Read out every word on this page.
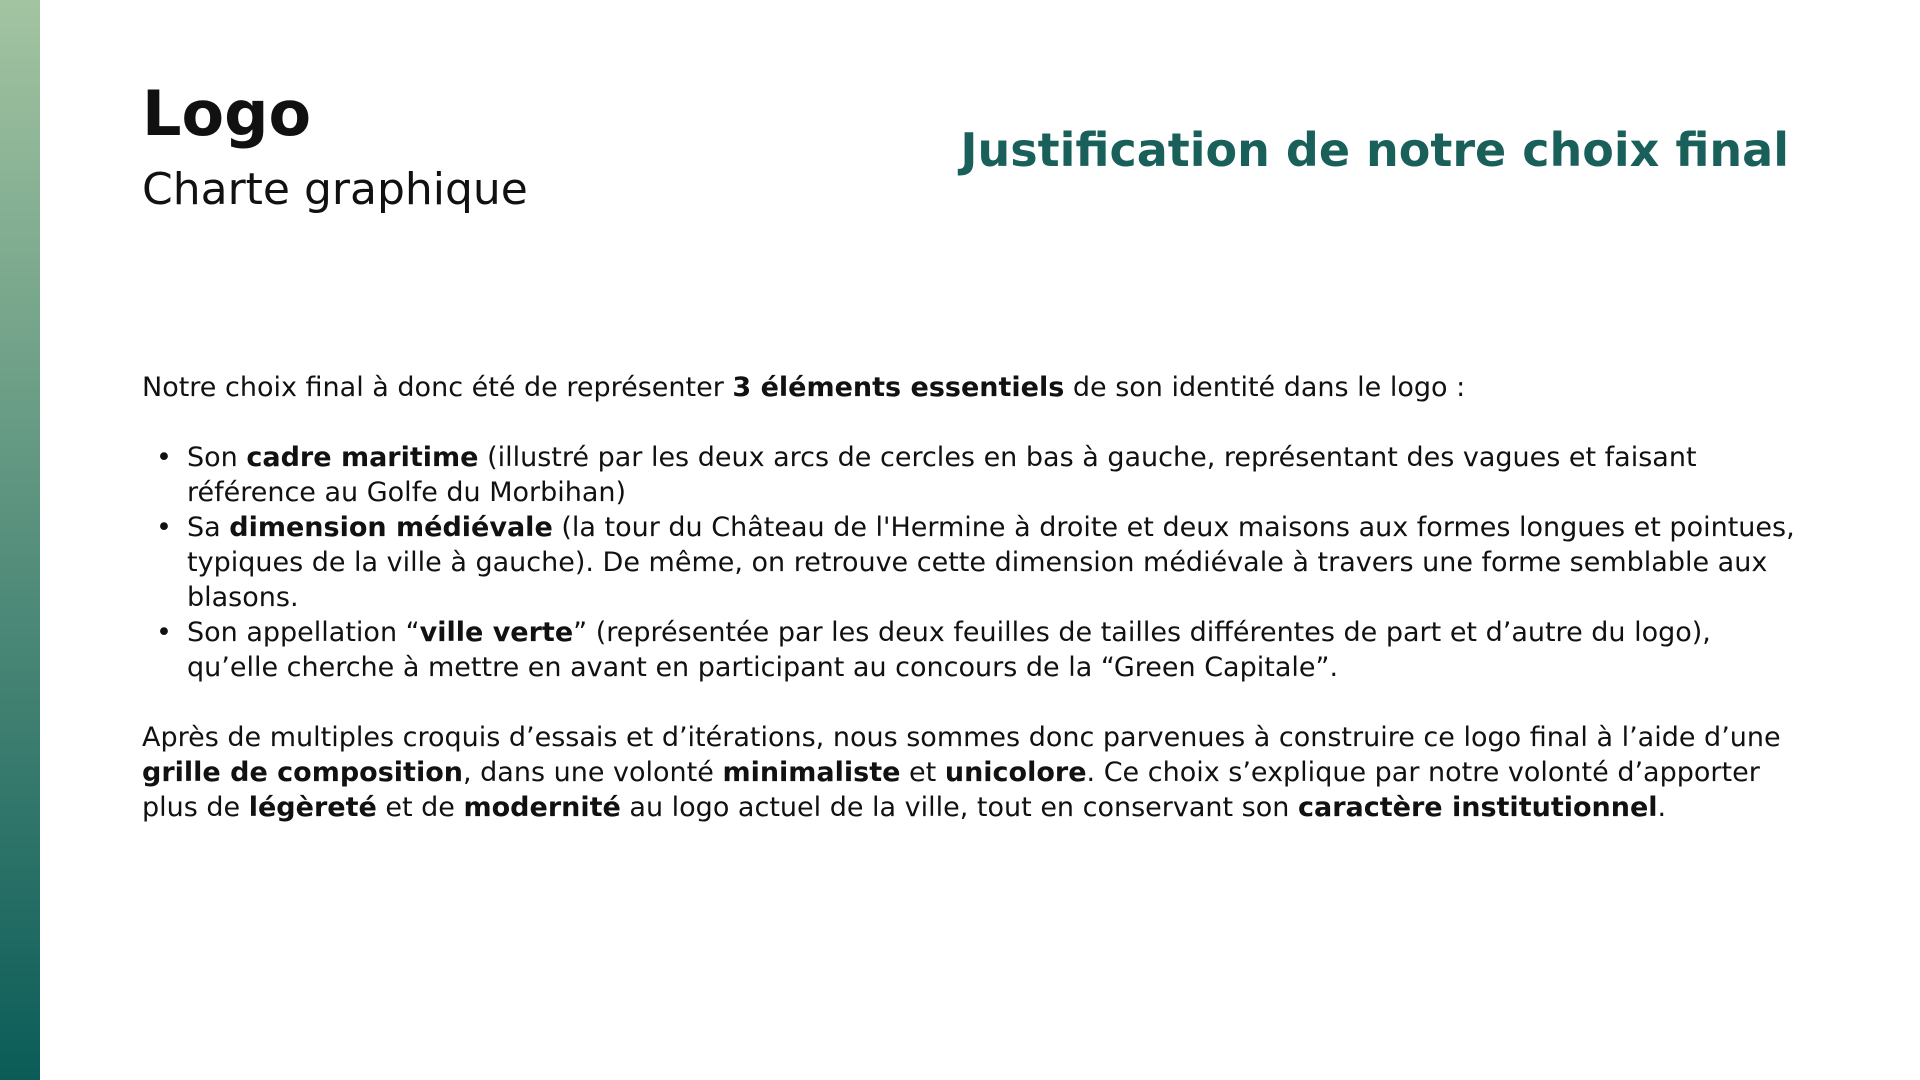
Logo
Charte graphique
Justification de notre choix final

Notre choix final à donc été de représenter 3 éléments essentiels de son identité dans le logo :

• Son cadre maritime (illustré par les deux arcs de cercles en bas à gauche, représentant des vagues et faisant référence au Golfe du Morbihan)
• Sa dimension médiévale (la tour du Château de l'Hermine à droite et deux maisons aux formes longues et pointues, typiques de la ville à gauche). De même, on retrouve cette dimension médiévale à travers une forme semblable aux blasons.
• Son appellation “ville verte” (représentée par les deux feuilles de tailles différentes de part et d’autre du logo), qu’elle cherche à mettre en avant en participant au concours de la “Green Capitale”.

Après de multiples croquis d’essais et d’itérations, nous sommes donc parvenues à construire ce logo final à l’aide d’une grille de composition, dans une volonté minimaliste et unicolore. Ce choix s’explique par notre volonté d’apporter plus de légèreté et de modernité au logo actuel de la ville, tout en conservant son caractère institutionnel.
